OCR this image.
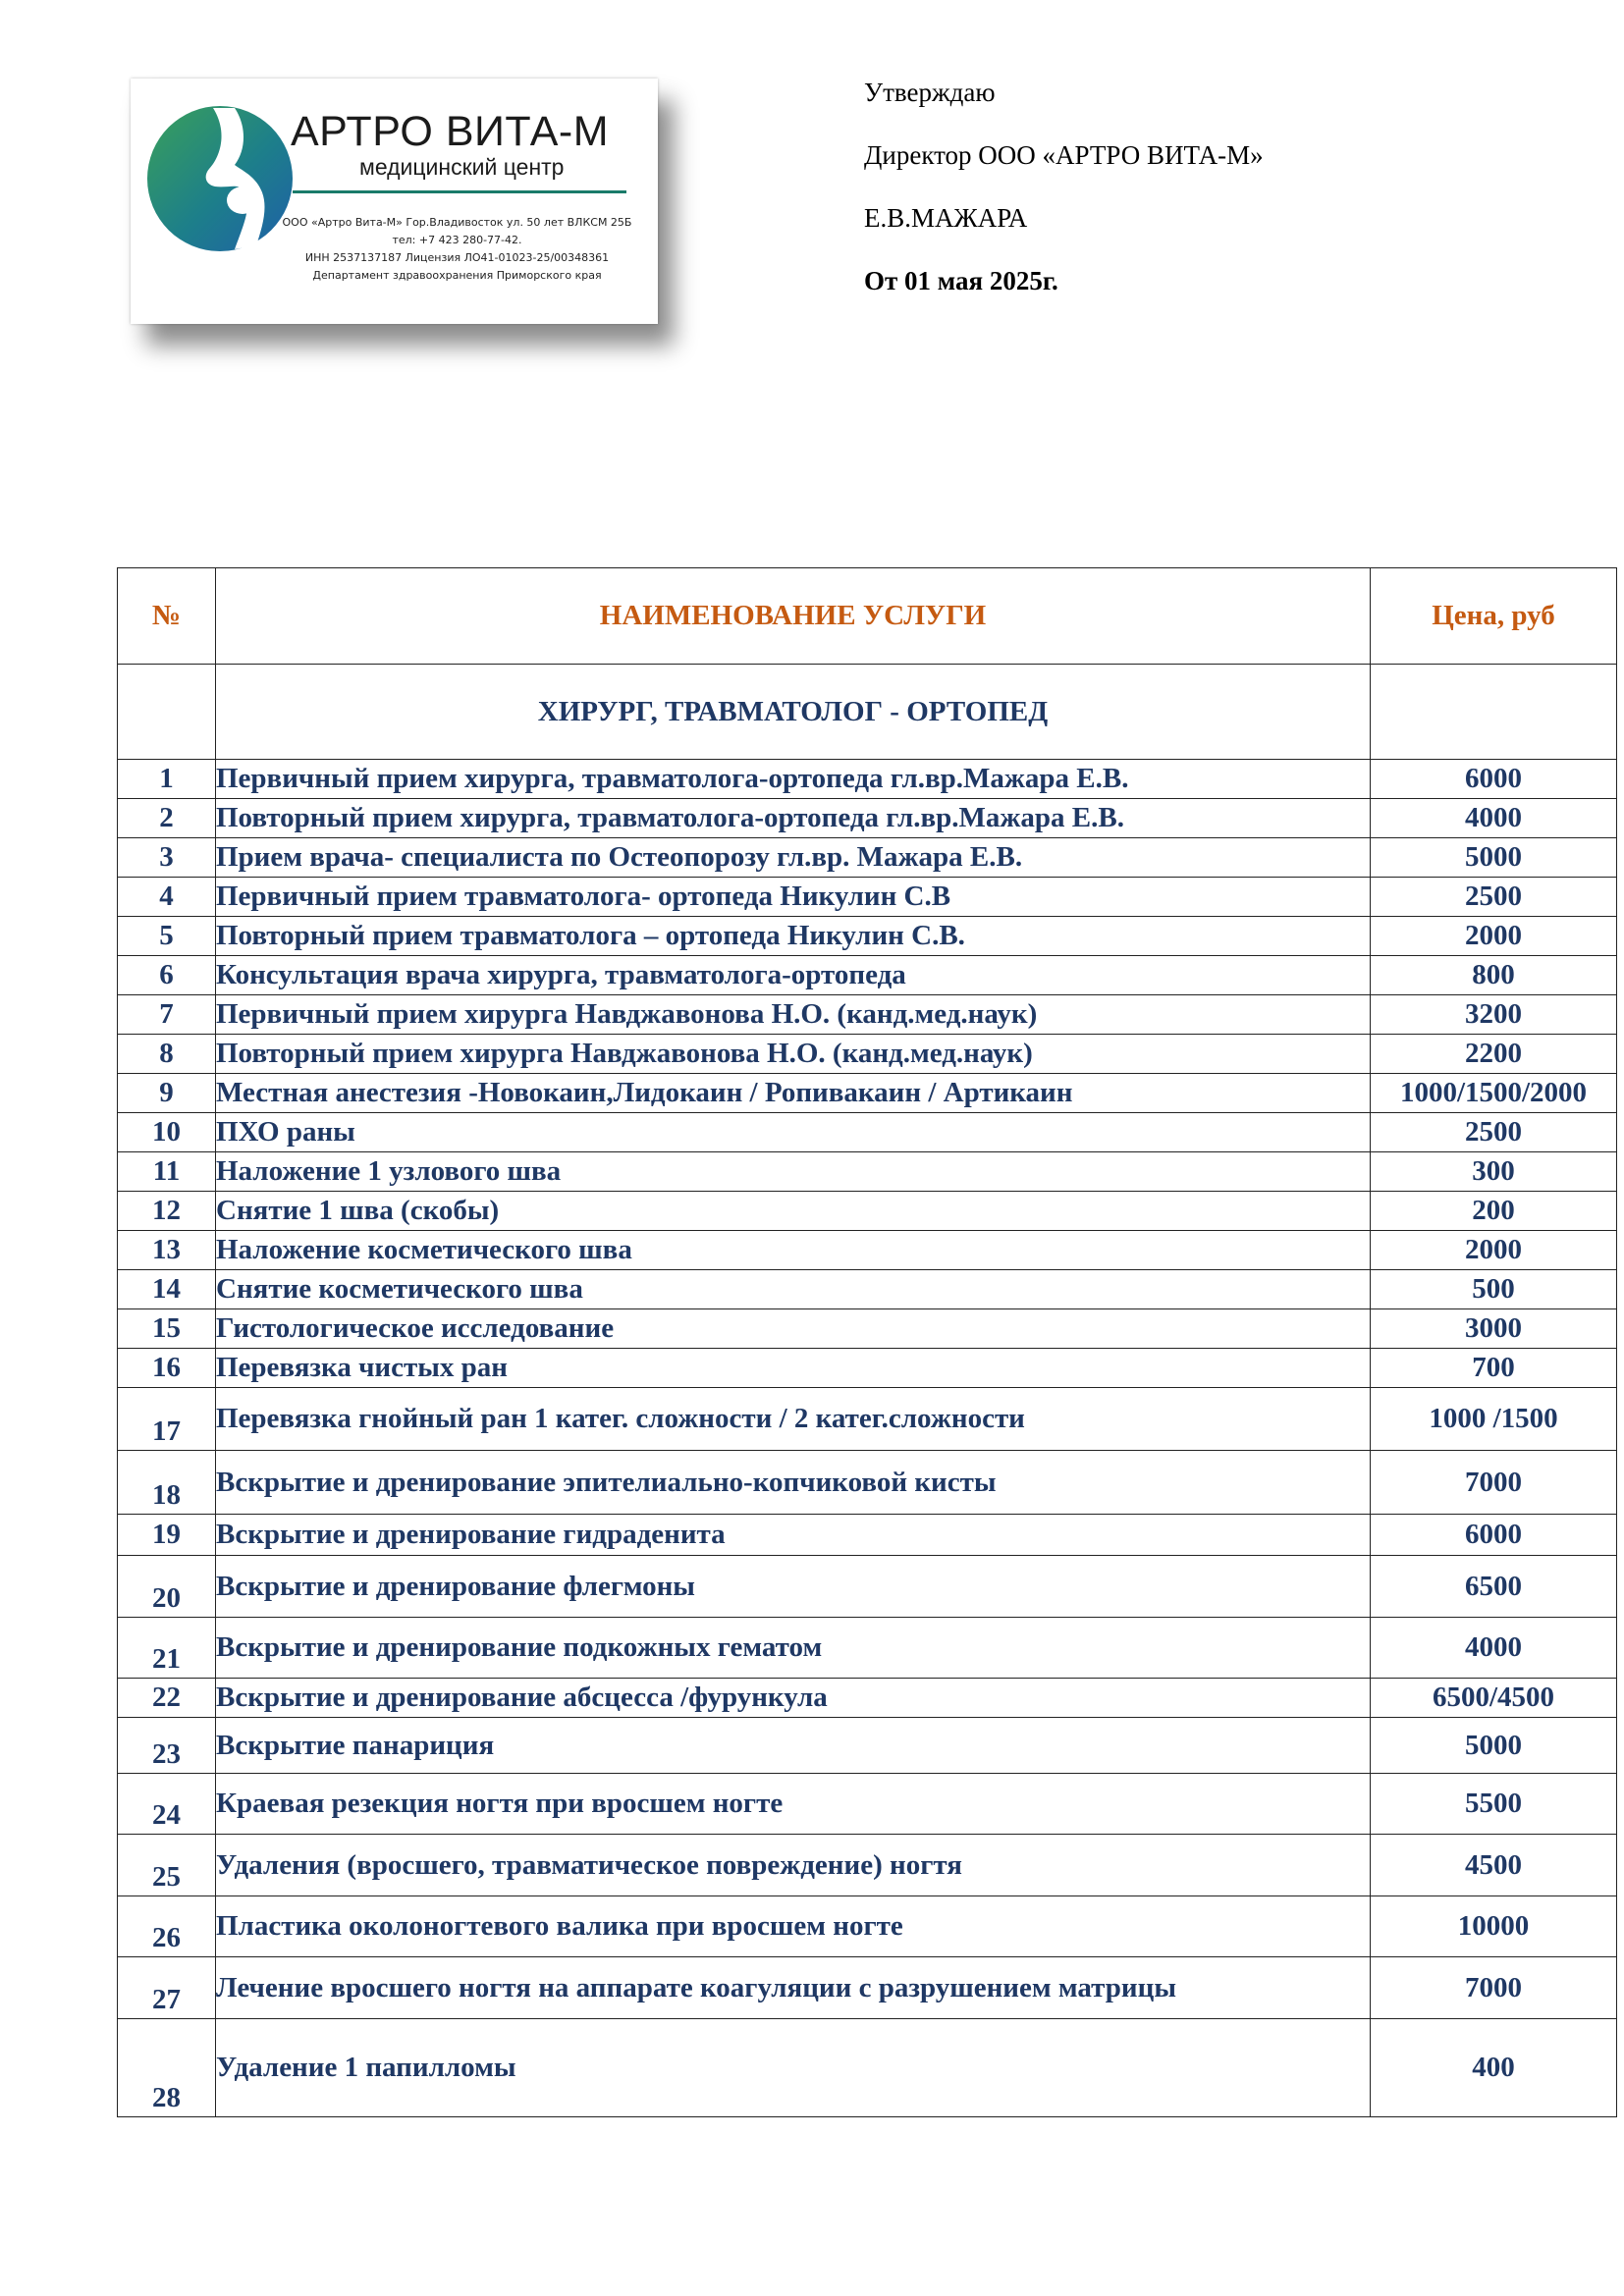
АРТРО ВИТА-М
медицинский центр
ООО «Артро Вита-М» Гор.Владивосток ул. 50 лет ВЛКСМ 25Б
тел: +7 423 280-77-42.
ИНН 2537137187 Лицензия ЛО41-01023-25/00348361
Департамент здравоохранения Приморского края
Утверждаю
Директор ООО «АРТРО ВИТА-М»
Е.В.МАЖАРА
От 01 мая 2025г.
№	НАИМЕНОВАНИЕ УСЛУГИ	Цена, руб
	ХИРУРГ, ТРАВМАТОЛОГ - ОРТОПЕД	
1	Первичный прием хирурга, травматолога-ортопеда гл.вр.Мажара Е.В.	6000
2	Повторный прием хирурга, травматолога-ортопеда гл.вр.Мажара Е.В.	4000
3	Прием врача- специалиста по Остеопорозу гл.вр. Мажара Е.В.	5000
4	Первичный прием травматолога- ортопеда Никулин С.В	2500
5	Повторный прием травматолога – ортопеда Никулин С.В.	2000
6	Консультация врача хирурга, травматолога-ортопеда	800
7	Первичный прием хирурга Навджавонова Н.О. (канд.мед.наук)	3200
8	Повторный прием хирурга Навджавонова Н.О. (канд.мед.наук)	2200
9	Местная анестезия -Новокаин,Лидокаин / Ропивакаин / Артикаин	1000/1500/2000
10	ПХО раны	2500
11	Наложение 1 узлового шва	300
12	Снятие 1 шва (скобы)	200
13	Наложение косметического шва	2000
14	Снятие косметического шва	500
15	Гистологическое исследование	3000
16	Перевязка чистых ран	700
17	Перевязка гнойный ран 1 катег. сложности / 2 катег.сложности	1000 /1500
18	Вскрытие и дренирование эпителиально-копчиковой кисты	7000
19	Вскрытие и дренирование гидраденита	6000
20	Вскрытие и дренирование флегмоны	6500
21	Вскрытие и дренирование подкожных гематом	4000
22	Вскрытие и дренирование абсцесса /фурункула	6500/4500
23	Вскрытие панариция	5000
24	Краевая резекция ногтя при вросшем ногте	5500
25	Удаления (вросшего, травматическое повреждение) ногтя	4500
26	Пластика околоногтевого валика при вросшем ногте	10000
27	Лечение вросшего ногтя на аппарате коагуляции с разрушением матрицы	7000
28	Удаление 1 папилломы	400
